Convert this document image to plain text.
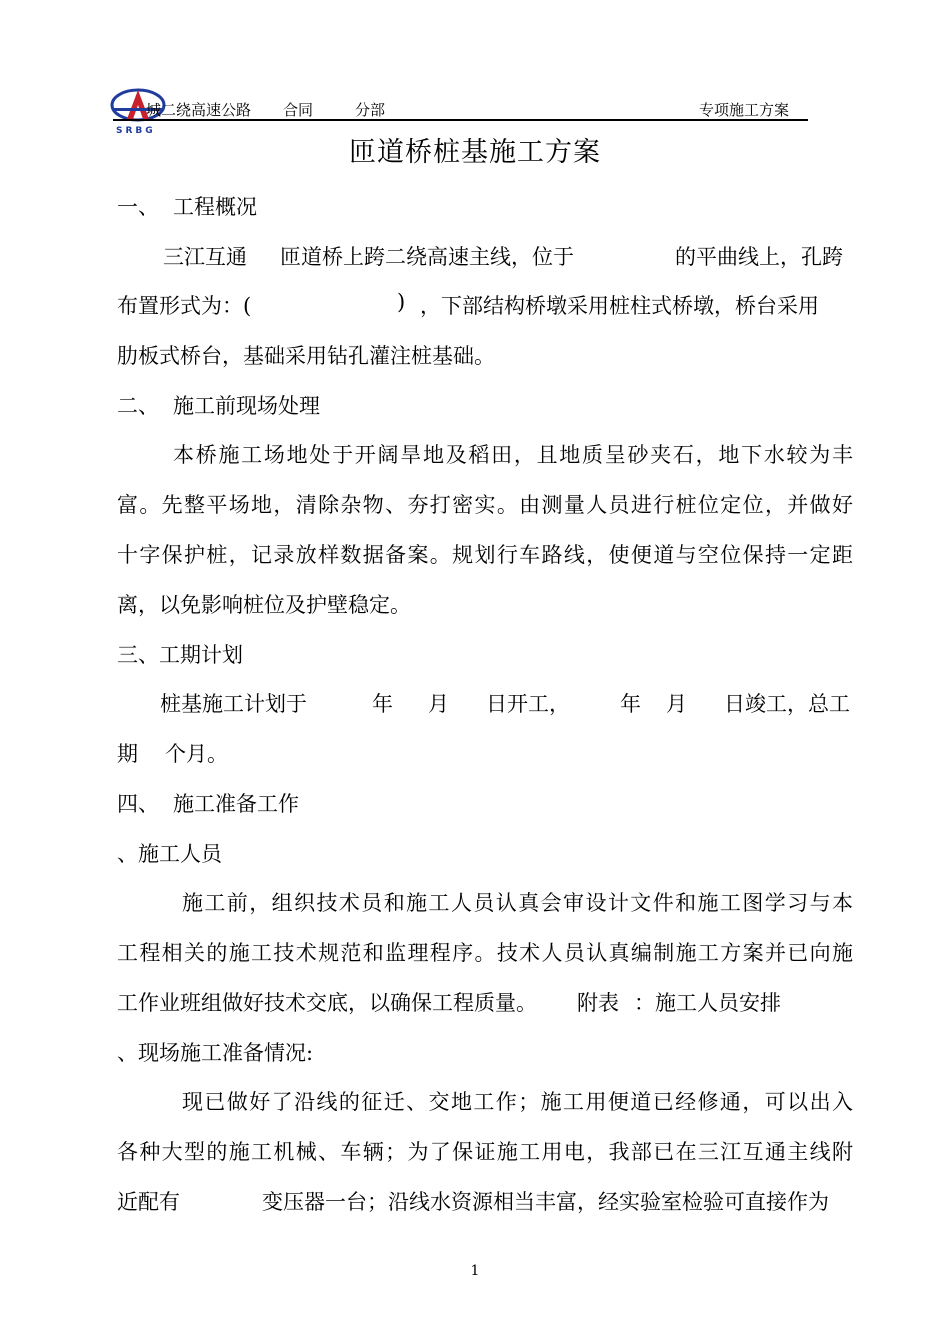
SRBG
城二绕高速公路 合同	分部	专项施工方案
匝道桥桩基施工方案
一、 工程概况
三江互通 匝道桥上跨二绕高速主线，位于	的平曲线上，孔跨
布置形式为：(	) ，下部结构桥墩采用桩柱式桥墩，桥台采用
肋板式桥台，基础采用钻孔灌注桩基础。
二、 施工前现场处理
本桥施工场地处于开阔旱地及稻田，且地质呈砂夹石，地下水较为丰
富。先整平场地，清除杂物、夯打密实。由测量人员进行桩位定位，并做好
十字保护桩，记录放样数据备案。规划行车路线，使便道与空位保持一定距
离，以免影响桩位及护壁稳定。
三、工期计划
桩基施工计划于	年 月 日开工， 年 月 日竣工，总工
期 个月。
四、 施工准备工作
、施工人员
施工前，组织技术员和施工人员认真会审设计文件和施工图学习与本
工程相关的施工技术规范和监理程序。技术人员认真编制施工方案并已向施
工作业班组做好技术交底，以确保工程质量。 附表 ：施工人员安排
、现场施工准备情况:
现已做好了沿线的征迁、交地工作；施工用便道已经修通，可以出入
各种大型的施工机械、车辆；为了保证施工用电，我部已在三江互通主线附
近配有	变压器一台；沿线水资源相当丰富，经实验室检验可直接作为
1
